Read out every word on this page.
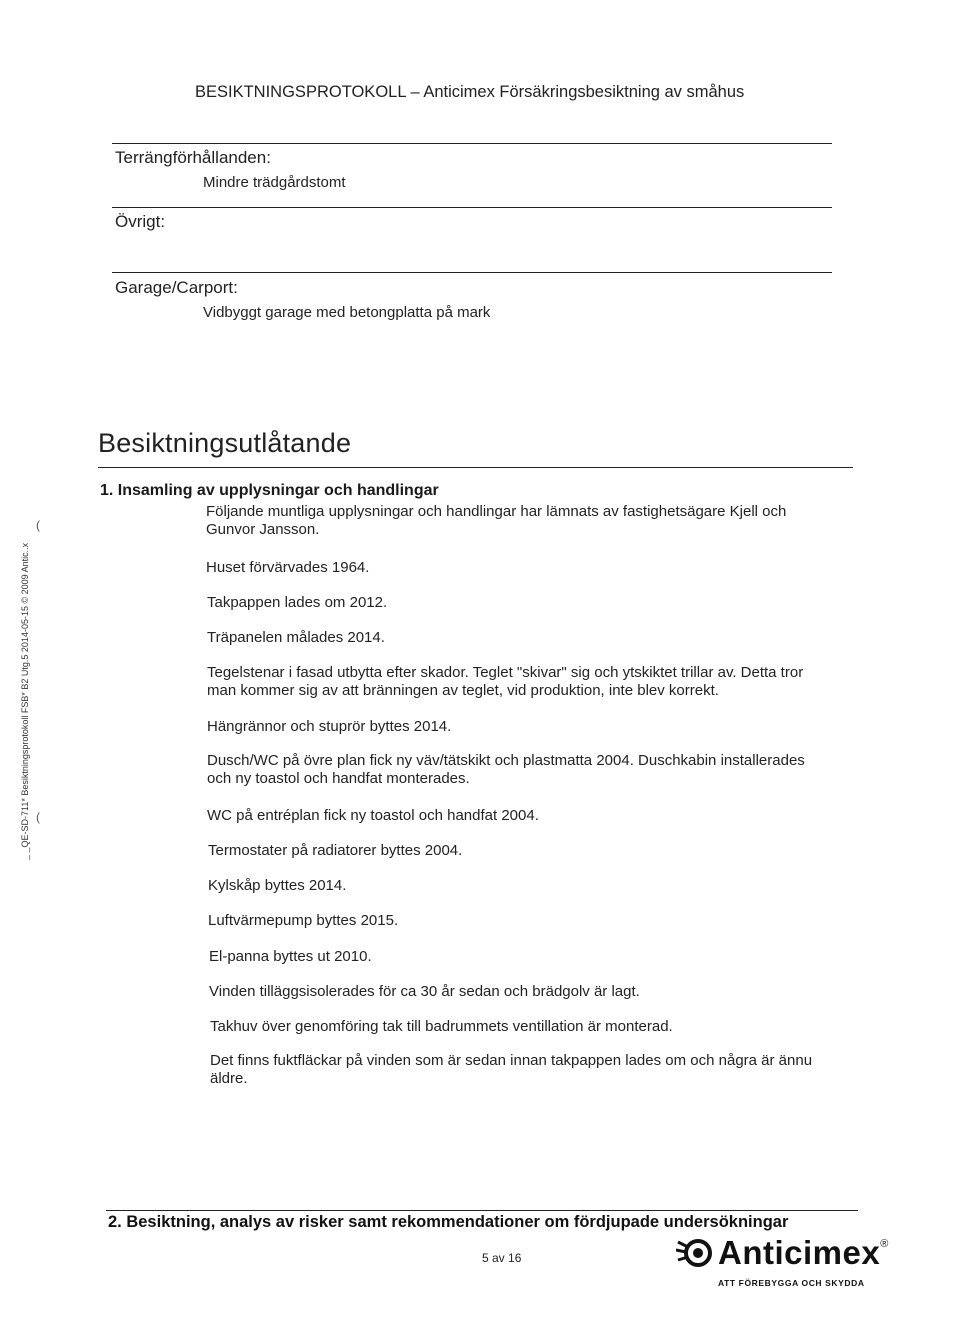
BESIKTNINGSPROTOKOLL – Anticimex Försäkringsbesiktning av småhus
Terrängförhållanden:
Mindre trädgårdstomt
Övrigt:
Garage/Carport:
Vidbyggt garage med betongplatta på mark
Besiktningsutlåtande
1. Insamling av upplysningar och handlingar
Följande muntliga upplysningar och handlingar har lämnats av fastighetsägare Kjell och
Gunvor Jansson.
Huset förvärvades 1964.
Takpappen lades om 2012.
Träpanelen målades 2014.
Tegelstenar i fasad utbytta efter skador. Teglet "skivar" sig och ytskiktet trillar av. Detta tror
man kommer sig av att bränningen av teglet, vid produktion, inte blev korrekt.
Hängrännor och stuprör byttes 2014.
Dusch/WC på övre plan fick ny väv/tätskikt och plastmatta 2004. Duschkabin installerades
och ny toastol och handfat monterades.
WC på entréplan fick ny toastol och handfat 2004.
Termostater på radiatorer byttes 2004.
Kylskåp byttes 2014.
Luftvärmepump byttes 2015.
El-panna byttes ut 2010.
Vinden tilläggsisolerades för ca 30 år sedan och brädgolv är lagt.
Takhuv över genomföring tak till badrummets ventillation är monterad.
Det finns fuktfläckar på vinden som är sedan innan takpappen lades om och några är ännu
äldre.
_ _QE-SD-711* Besiktningsprotokoll FSB* B2 Utg.5 2014-05-15 © 2009 Antic..x
(
(
2. Besiktning, analys av risker samt rekommendationer om fördjupade undersökningar
5 av 16	Anticimex®
ATT FÖREBYGGA OCH SKYDDA
